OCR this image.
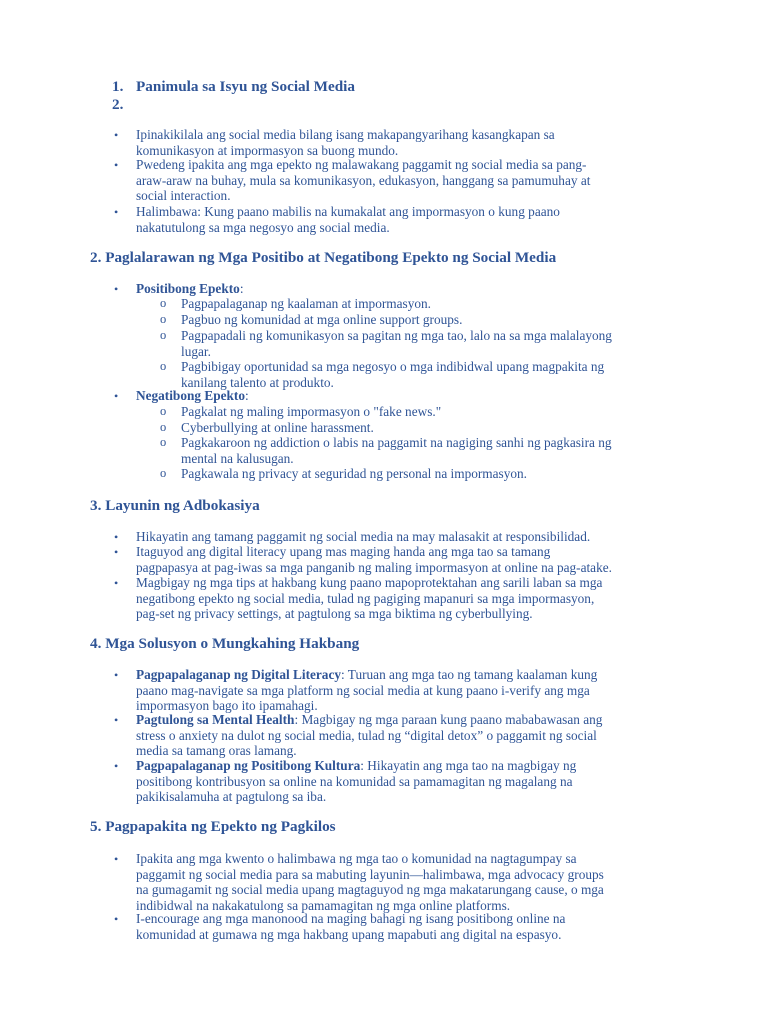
1. Panimula sa Isyu ng Social Media
2.
• Ipinakikilala ang social media bilang isang makapangyarihang kasangkapan sa
komunikasyon at impormasyon sa buong mundo.
• Pwedeng ipakita ang mga epekto ng malawakang paggamit ng social media sa pang-
araw-araw na buhay, mula sa komunikasyon, edukasyon, hanggang sa pamumuhay at
social interaction.
• Halimbawa: Kung paano mabilis na kumakalat ang impormasyon o kung paano
nakatutulong sa mga negosyo ang social media.
2. Paglalarawan ng Mga Positibo at Negatibong Epekto ng Social Media
• Positibong Epekto:
o Pagpapalaganap ng kaalaman at impormasyon.
o Pagbuo ng komunidad at mga online support groups.
o Pagpapadali ng komunikasyon sa pagitan ng mga tao, lalo na sa mga malalayong
lugar.
o Pagbibigay oportunidad sa mga negosyo o mga indibidwal upang magpakita ng
kanilang talento at produkto.
• Negatibong Epekto:
o Pagkalat ng maling impormasyon o "fake news."
o Cyberbullying at online harassment.
o Pagkakaroon ng addiction o labis na paggamit na nagiging sanhi ng pagkasira ng
mental na kalusugan.
o Pagkawala ng privacy at seguridad ng personal na impormasyon.
3. Layunin ng Adbokasiya
• Hikayatin ang tamang paggamit ng social media na may malasakit at responsibilidad.
• Itaguyod ang digital literacy upang mas maging handa ang mga tao sa tamang
pagpapasya at pag-iwas sa mga panganib ng maling impormasyon at online na pag-atake.
• Magbigay ng mga tips at hakbang kung paano mapoprotektahan ang sarili laban sa mga
negatibong epekto ng social media, tulad ng pagiging mapanuri sa mga impormasyon,
pag-set ng privacy settings, at pagtulong sa mga biktima ng cyberbullying.
4. Mga Solusyon o Mungkahing Hakbang
• Pagpapalaganap ng Digital Literacy: Turuan ang mga tao ng tamang kaalaman kung
paano mag-navigate sa mga platform ng social media at kung paano i-verify ang mga
impormasyon bago ito ipamahagi.
• Pagtulong sa Mental Health: Magbigay ng mga paraan kung paano mababawasan ang
stress o anxiety na dulot ng social media, tulad ng “digital detox” o paggamit ng social
media sa tamang oras lamang.
• Pagpapalaganap ng Positibong Kultura: Hikayatin ang mga tao na magbigay ng
positibong kontribusyon sa online na komunidad sa pamamagitan ng magalang na
pakikisalamuha at pagtulong sa iba.
5. Pagpapakita ng Epekto ng Pagkilos
• Ipakita ang mga kwento o halimbawa ng mga tao o komunidad na nagtagumpay sa
paggamit ng social media para sa mabuting layunin—halimbawa, mga advocacy groups
na gumagamit ng social media upang magtaguyod ng mga makatarungang cause, o mga
indibidwal na nakakatulong sa pamamagitan ng mga online platforms.
• I-encourage ang mga manonood na maging bahagi ng isang positibong online na
komunidad at gumawa ng mga hakbang upang mapabuti ang digital na espasyo.
